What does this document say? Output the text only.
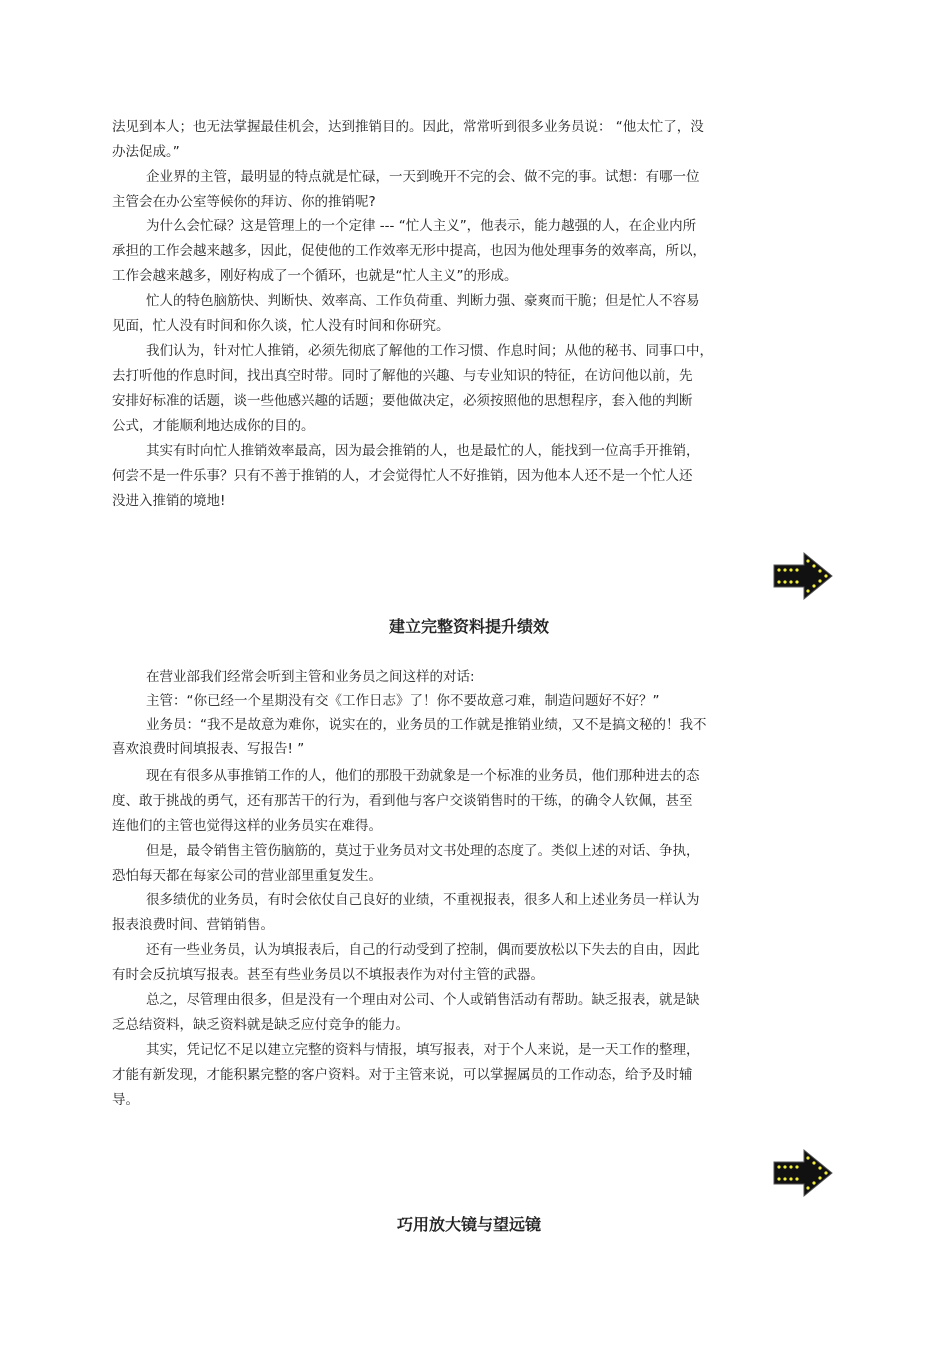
法见到本人；也无法掌握最佳机会，达到推销目的。因此，常常听到很多业务员说： “他太忙了，没

办法促成。”

企业界的主管，最明显的特点就是忙碌，一天到晚开不完的会、做不完的事。试想：有哪一位

主管会在办公室等候你的拜访、你的推销呢?

为什么会忙碌？这是管理上的一个定律 --- “忙人主义”，他表示，能力越强的人，在企业内所

承担的工作会越来越多，因此，促使他的工作效率无形中提高，也因为他处理事务的效率高，所以，

工作会越来越多，刚好构成了一个循环，也就是“忙人主义”的形成。

忙人的特色脑筋快、判断快、效率高、工作负荷重、判断力强、豪爽而干脆；但是忙人不容易

见面，忙人没有时间和你久谈，忙人没有时间和你研究。

我们认为，针对忙人推销，必须先彻底了解他的工作习惯、作息时间；从他的秘书、同事口中，

去打听他的作息时间，找出真空时带。同时了解他的兴趣、与专业知识的特征，在访问他以前，先

安排好标准的话题，谈一些他感兴趣的话题；要他做决定，必须按照他的思想程序，套入他的判断

公式，才能顺利地达成你的目的。

其实有时向忙人推销效率最高，因为最会推销的人，也是最忙的人，能找到一位高手开推销，

何尝不是一件乐事？只有不善于推销的人，才会觉得忙人不好推销，因为他本人还不是一个忙人还

没进入推销的境地!

建立完整资料提升绩效

在营业部我们经常会听到主管和业务员之间这样的对话:

主管：“你已经一个星期没有交《工作日志》了！你不要故意刁难，制造问题好不好？”

业务员：“我不是故意为难你，说实在的，业务员的工作就是推销业绩，又不是搞文秘的！我不

喜欢浪费时间填报表、写报告! ”

现在有很多从事推销工作的人，他们的那股干劲就象是一个标准的业务员，他们那种进去的态

度、敢于挑战的勇气，还有那苦干的行为，看到他与客户交谈销售时的干练，的确令人钦佩，甚至

连他们的主管也觉得这样的业务员实在难得。

但是，最令销售主管伤脑筋的，莫过于业务员对文书处理的态度了。类似上述的对话、争执，

恐怕每天都在每家公司的营业部里重复发生。

很多绩优的业务员，有时会依仗自己良好的业绩，不重视报表，很多人和上述业务员一样认为

报表浪费时间、营销销售。

还有一些业务员，认为填报表后，自己的行动受到了控制，偶而要放松以下失去的自由，因此

有时会反抗填写报表。甚至有些业务员以不填报表作为对付主管的武器。

总之，尽管理由很多，但是没有一个理由对公司、个人或销售活动有帮助。缺乏报表，就是缺

乏总结资料，缺乏资料就是缺乏应付竞争的能力。

其实，凭记忆不足以建立完整的资料与情报，填写报表，对于个人来说，是一天工作的整理，

才能有新发现，才能积累完整的客户资料。对于主管来说，可以掌握属员的工作动态，给予及时辅

导。

巧用放大镜与望远镜
